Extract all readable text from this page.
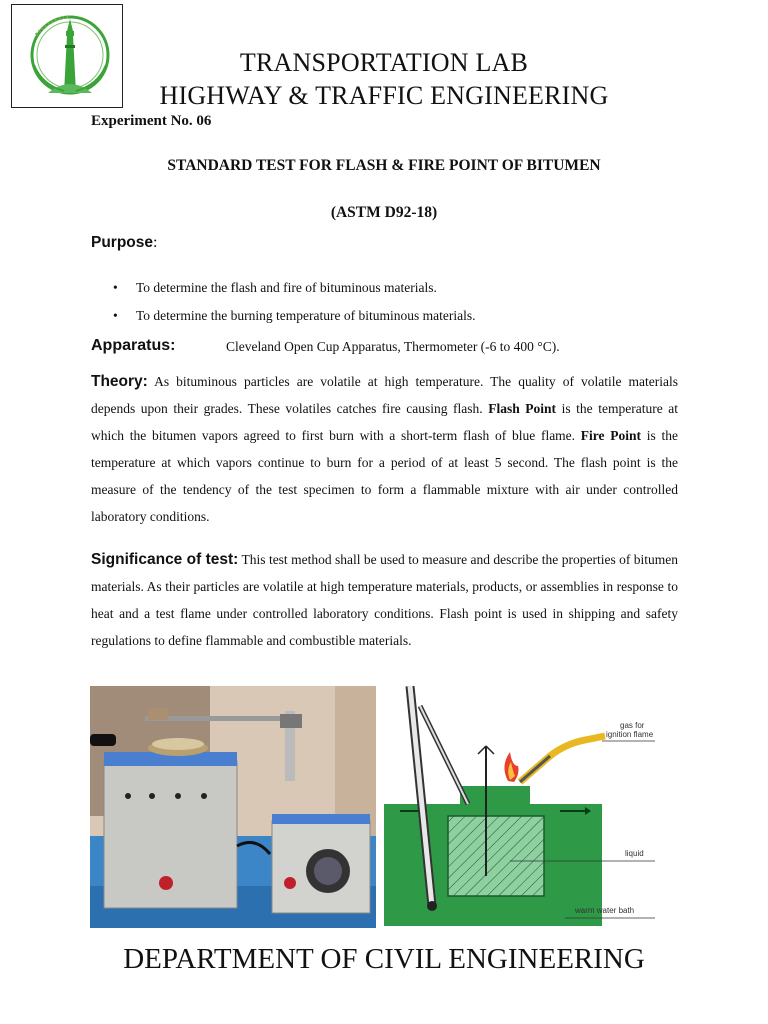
TRANSPORTATION LAB
HIGHWAY & TRAFFIC ENGINEERING
Experiment No. 06
STANDARD TEST FOR FLASH & FIRE POINT OF BITUMEN
(ASTM D92-18)
Purpose:
• To determine the flash and fire of bituminous materials.
• To determine the burning temperature of bituminous materials.
Apparatus:	Cleveland Open Cup Apparatus, Thermometer (-6 to 400 °C).
Theory: As bituminous particles are volatile at high temperature. The quality of volatile materials depends upon their grades. These volatiles catches fire causing flash. Flash Point is the temperature at which the bitumen vapors agreed to first burn with a short-term flash of blue flame. Fire Point is the temperature at which vapors continue to burn for a period of at least 5 second. The flash point is the measure of the tendency of the test specimen to form a flammable mixture with air under controlled laboratory conditions.
Significance of test: This test method shall be used to measure and describe the properties of bitumen materials. As their particles are volatile at high temperature materials, products, or assemblies in response to heat and a test flame under controlled laboratory conditions. Flash point is used in shipping and safety regulations to define flammable and combustible materials.
gas for
ignition flame
liquid
warm water bath
DEPARTMENT OF CIVIL ENGINEERING
